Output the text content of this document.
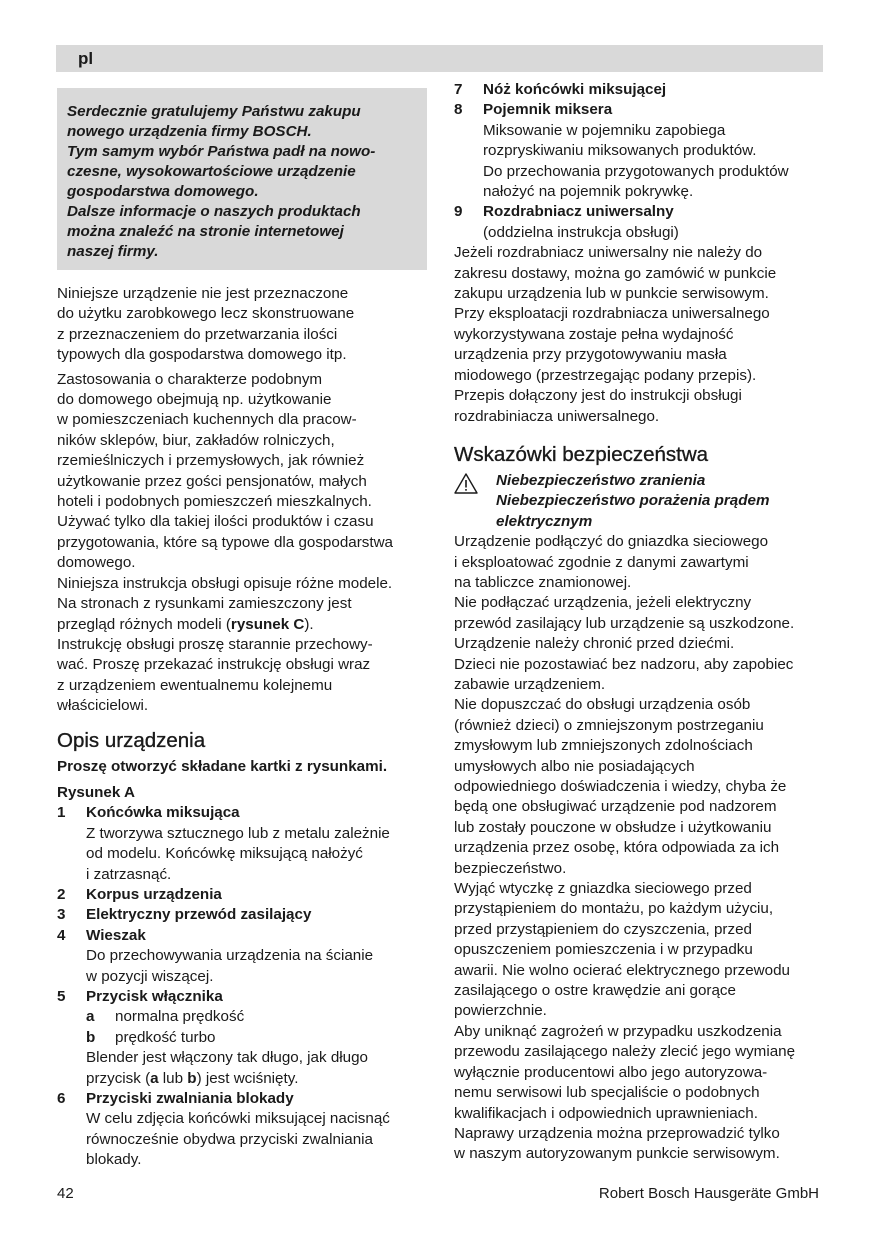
pl

Serdecznie gratulujemy Państwu zakupu

nowego urządzenia firmy BOSCH.

Tym samym wybór Państwa padł na nowo-

czesne, wysokowartościowe urządzenie

gospodarstwa domowego.

Dalsze informacje o naszych produktach

można znaleźć na stronie internetowej

naszej firmy.

Niniejsze urządzenie nie jest przeznaczone

do użytku zarobkowego lecz skonstruowane

z przeznaczeniem do przetwarzania ilości

typowych dla gospodarstwa domowego itp.

Zastosowania o charakterze podobnym

do domowego obejmują np. użytkowanie

w pomieszczeniach kuchennych dla pracow-

ników sklepów, biur, zakładów rolniczych,

rzemieślniczych i przemysłowych, jak również

użytkowanie przez gości pensjonatów, małych

hoteli i podobnych pomieszczeń mieszkalnych.

Używać tylko dla takiej ilości produktów i czasu

przygotowania, które są typowe dla gospodarstwa

domowego.

Niniejsza instrukcja obsługi opisuje różne modele.

Na stronach z rysunkami zamieszczony jest

przegląd różnych modeli (rysunek C).

Instrukcję obsługi proszę starannie przechowy-

wać. Proszę przekazać instrukcję obsługi wraz

z urządzeniem ewentualnemu kolejnemu

właścicielowi.

Opis urządzenia

Proszę otworzyć składane kartki z rysunkami.

Rysunek A

1	Końcówka miksująca

Z tworzywa sztucznego lub z metalu zależnie

od modelu. Końcówkę miksującą nałożyć

i zatrzasnąć.

2	Korpus urządzenia
3	Elektryczny przewód zasilający
4	Wieszak

Do przechowywania urządzenia na ścianie

w pozycji wiszącej.

5	Przycisk włącznika
a	normalna prędkość
b	prędkość turbo

Blender jest włączony tak długo, jak długo

przycisk (a lub b) jest wciśnięty.

6	Przyciski zwalniania blokady

W celu zdjęcia końcówki miksującej nacisnąć

równocześnie obydwa przyciski zwalniania

blokady.

7	Nóż końcówki miksującej
8	Pojemnik miksera

Miksowanie w pojemniku zapobiega

rozpryskiwaniu miksowanych produktów.

Do przechowania przygotowanych produktów

nałożyć na pojemnik pokrywkę.

9	Rozdrabniacz uniwersalny

(oddzielna instrukcja obsługi)

Jeżeli rozdrabniacz uniwersalny nie należy do

zakresu dostawy, można go zamówić w punkcie

zakupu urządzenia lub w punkcie serwisowym.

Przy eksploatacji rozdrabniacza uniwersalnego

wykorzystywana zostaje pełna wydajność

urządzenia przy przygotowywaniu masła

miodowego (przestrzegając podany przepis).

Przepis dołączony jest do instrukcji obsługi

rozdrabiniacza uniwersalnego.

Wskazówki bezpieczeństwa

Niebezpieczeństwo zranienia

Niebezpieczeństwo porażenia prądem

elektrycznym

Urządzenie podłączyć do gniazdka sieciowego

i eksploatować zgodnie z danymi zawartymi

na tabliczce znamionowej.

Nie podłączać urządzenia, jeżeli elektryczny

przewód zasilający lub urządzenie są uszkodzone.

Urządzenie należy chronić przed dziećmi.

Dzieci nie pozostawiać bez nadzoru, aby zapobiec

zabawie urządzeniem.

Nie dopuszczać do obsługi urządzenia osób

(również dzieci) o zmniejszonym postrzeganiu

zmysłowym lub zmniejszonych zdolnościach

umysłowych albo nie posiadających

odpowiedniego doświadczenia i wiedzy, chyba że

będą one obsługiwać urządzenie pod nadzorem

lub zostały pouczone w obsłudze i użytkowaniu

urządzenia przez osobę, która odpowiada za ich

bezpieczeństwo.

Wyjąć wtyczkę z gniazdka sieciowego przed

przystąpieniem do montażu, po każdym użyciu,

przed przystąpieniem do czyszczenia, przed

opuszczeniem pomieszczenia i w przypadku

awarii. Nie wolno ocierać elektrycznego przewodu

zasilającego o ostre krawędzie ani gorące

powierzchnie.

Aby uniknąć zagrożeń w przypadku uszkodzenia

przewodu zasilającego należy zlecić jego wymianę

wyłącznie producentowi albo jego autoryzowa-

nemu serwisowi lub specjaliście o podobnych

kwalifikacjach i odpowiednich uprawnieniach.

Naprawy urządzenia można przeprowadzić tylko

w naszym autoryzowanym punkcie serwisowym.

42	Robert Bosch Hausgeräte GmbH
